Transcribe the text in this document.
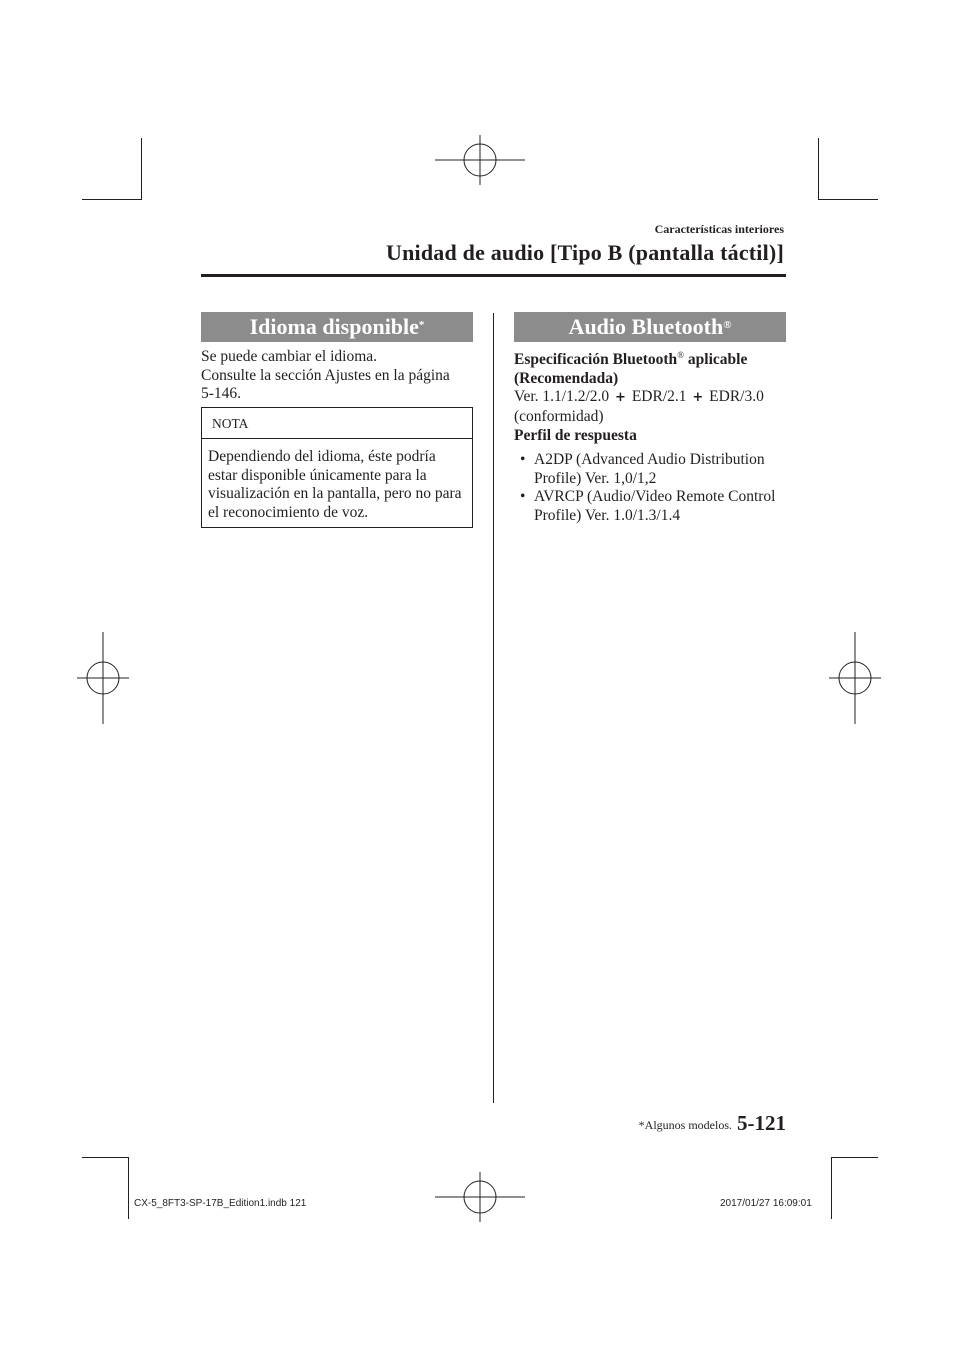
Características interiores
Unidad de audio [Tipo B (pantalla táctil)]
Idioma disponible*
Se puede cambiar el idioma.
Consulte la sección Ajustes en la página
5-146.
NOTA
Dependiendo del idioma, éste podría
estar disponible únicamente para la
visualización en la pantalla, pero no para
el reconocimiento de voz.
Audio Bluetooth®
Especificación Bluetooth® aplicable
(Recomendada)
Ver. 1.1/1.2/2.0 + EDR/2.1 + EDR/3.0
(conformidad)
Perfil de respuesta
• A2DP (Advanced Audio Distribution
Profile) Ver. 1,0/1,2
• AVRCP (Audio/Video Remote Control
Profile) Ver. 1.0/1.3/1.4
*Algunos modelos. 5-121
CX-5_8FT3-SP-17B_Edition1.indb 121	2017/01/27 16:09:01
